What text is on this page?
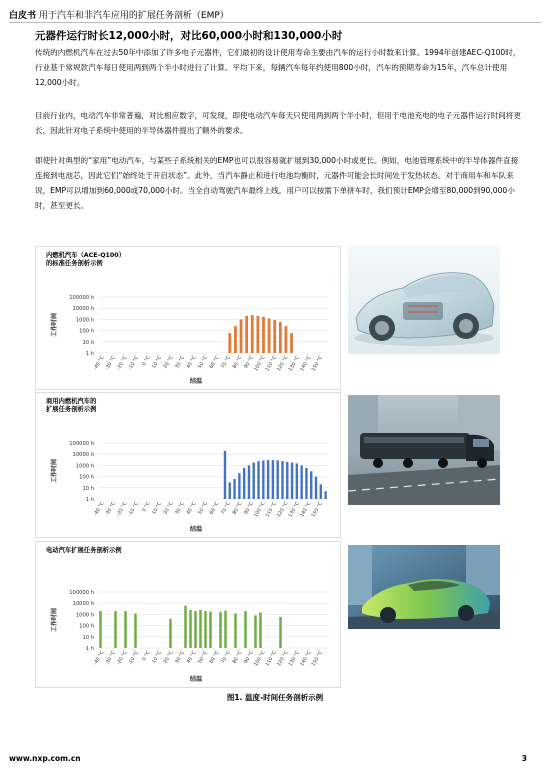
白皮书 用于汽车和非汽车应用的扩展任务剖析（EMP）
元器件运行时长12,000小时，对比60,000小时和130,000小时
传统的内燃机汽车在过去50年中添加了许多电子元器件，它们最初的设计使用寿命主要由汽车的运行小时数来计算。1994年创建AEC-Q100时，行业基于常规款汽车每日使用两到两个半小时进行了计算。平均下来，每辆汽车每年约使用800小时，汽车的预期寿命为15年，汽车总计使用12,000小时。
目前行业内，电动汽车非常普遍，对比相应数字，可发现，即使电动汽车每天只使用两到两个半小时，但用于电池充电的电子元器件运行时间将更长，因此针对电子系统中使用的半导体器件提出了额外的要求。
即使针对典型的“家用”电动汽车，与某些子系统相关的EMP也可以很容易就扩展到30,000小时或更长。例如，电池管理系统中的半导体器件直接连接到电池芯，因此它们“始终处于开启状态”。此外，当汽车静止和进行电池均衡时，元器件可能会长时间处于发热状态。对于商用车和车队来说，EMP可以增加到60,000或70,000小时。当全自动驾驶汽车最终上线，用户可以按需下单拼车时，我们预计EMP会增至80,000到90,000小时，甚至更长。
内燃机汽车（ACE-Q100）
的标准任务剖析示例
100000 h
10000 h
1000 h
100 h
10 h
1 h
工作时间
-40 °C -30 °C -20 °C -10 °C 0 °C 10 °C 20 °C 30 °C 40 °C 50 °C 60 °C 70 °C 80 °C 90 °C
100 °C
110 °C
120 °C
130 °C
140 °C
150 °C
结温
商用内燃机汽车的
扩展任务剖析示例
100000 h
10000 h
1000 h
100 h
10 h
1 h
工作时间
-40 °C -30 °C -20 °C -10 °C 0 °C 10 °C 20 °C 30 °C 40 °C 50 °C 60 °C 70 °C 80 °C 90 °C
100 °C
110 °C
120 °C
130 °C
140 °C
150 °C
结温
电动汽车扩展任务剖析示例
100000 h
10000 h
1000 h
100 h
10 h
1 h
工作时间
-40 °C -30 °C -20 °C -10 °C 0 °C 10 °C 20 °C 30 °C 40 °C 50 °C 60 °C 70 °C 80 °C 90 °C
100 °C
110 °C
120 °C
130 °C
140 °C
150 °C
结温
图1. 温度-时间任务剖析示例
www.nxp.com.cn	3
